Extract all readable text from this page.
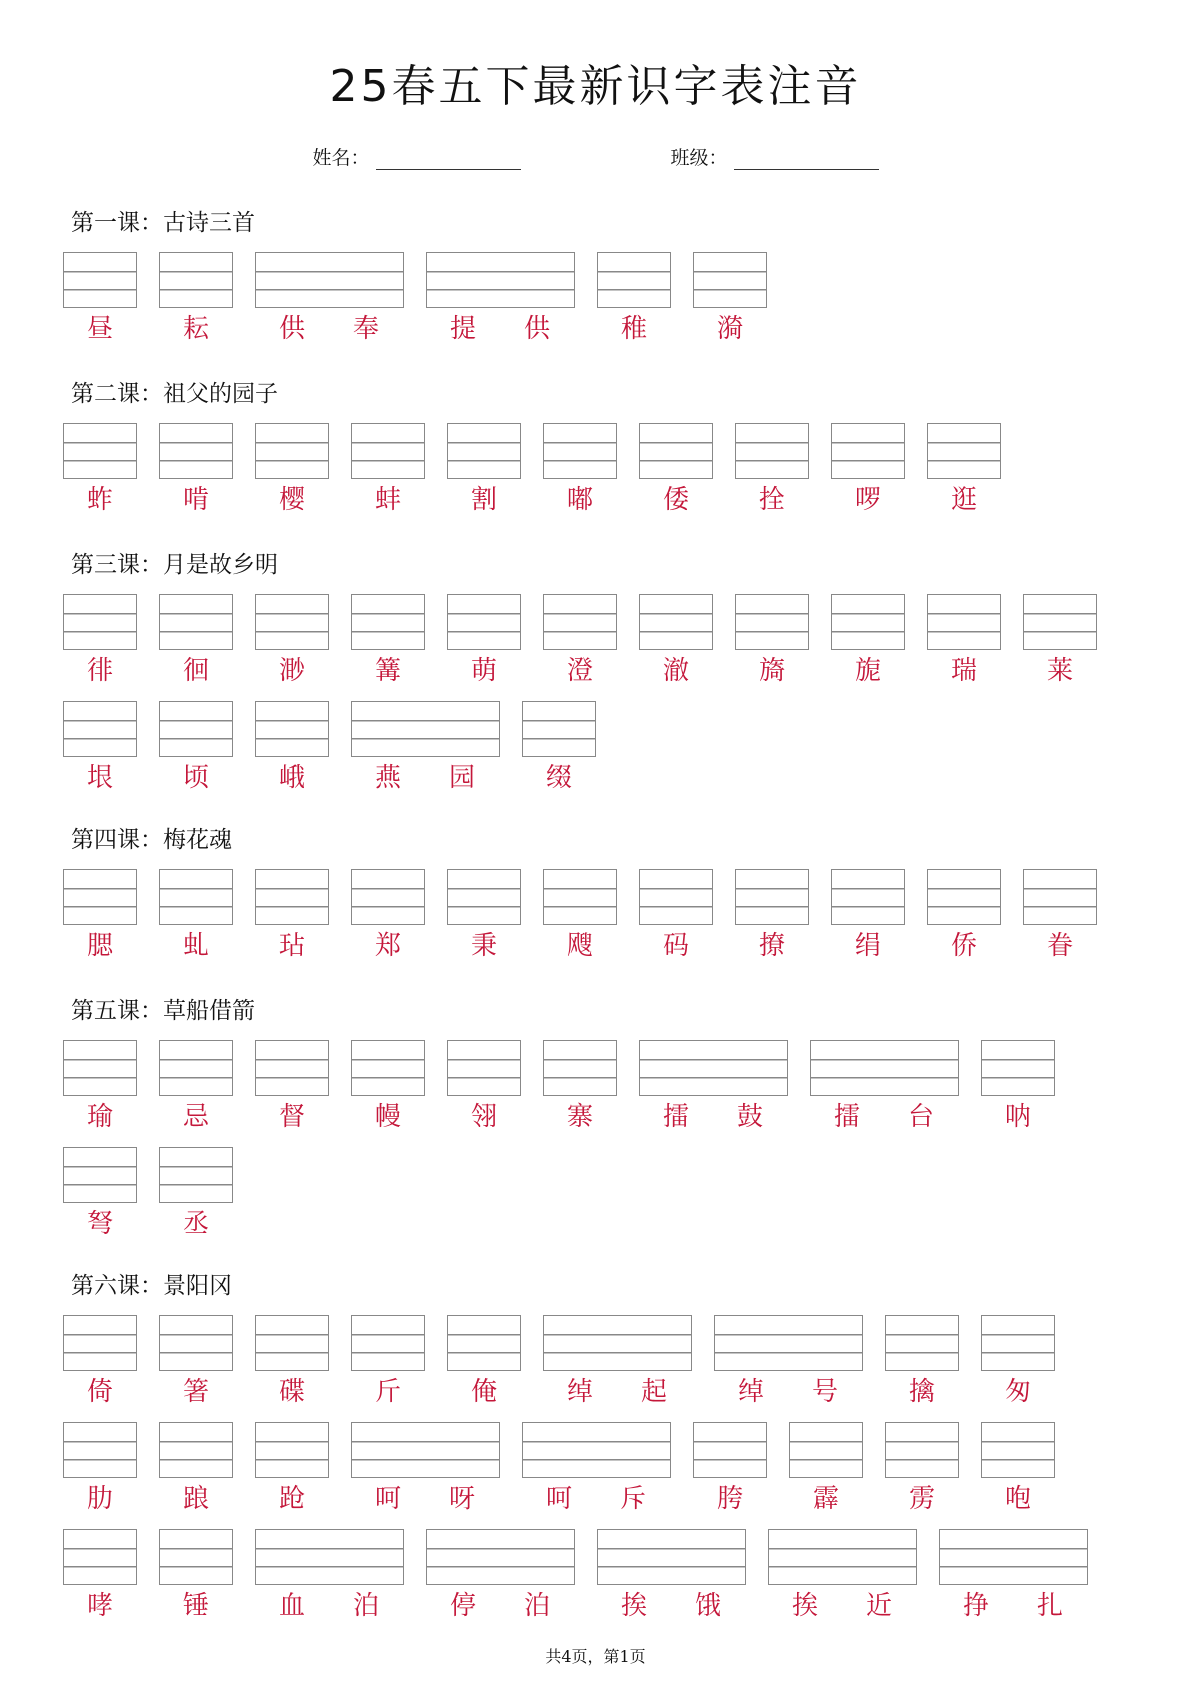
25春五下最新识字表注音
姓名：	班级：
第一课：古诗三首
昼	耘	供	奉	提	供	稚	漪
第二课：祖父的园子
蚱	啃	樱	蚌	割	嘟	倭	拴	啰	逛
第三课：月是故乡明
徘	徊	渺	篝	萌	澄	澈	旖	旎	瑞	莱
垠	顷	峨	燕	园	缀
第四课：梅花魂
腮	虬	玷	郑	秉	飕	码	撩	绢	侨	眷
第五课：草船借箭
瑜	忌	督	幔	翎	寨	擂	鼓	擂	台	呐
弩	丞
第六课：景阳冈
倚	箸	碟	斤	俺	绰	起	绰	号	擒	匆
肋	踉	跄	呵	呀	呵	斥	胯	霹	雳	咆
哮	锤	血	泊	停	泊	挨	饿	挨	近	挣	扎
共4页，第1页
